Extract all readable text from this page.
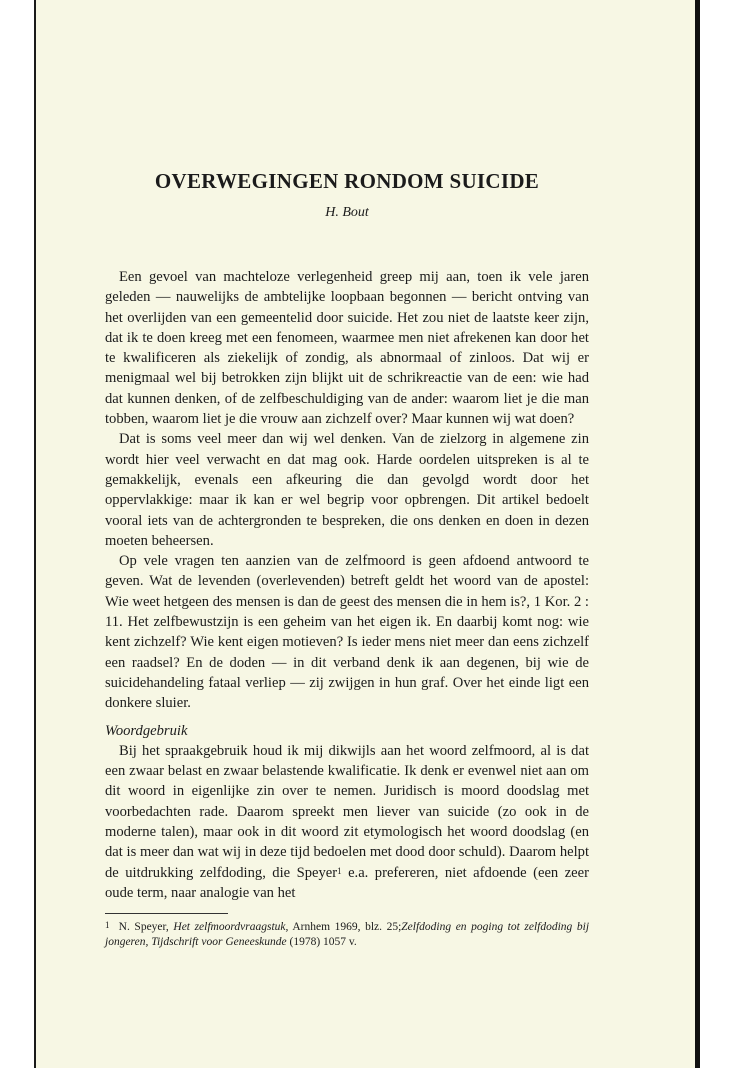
OVERWEGINGEN RONDOM SUICIDE

H. Bout

Een gevoel van machteloze verlegenheid greep mij aan, toen ik vele jaren geleden — nauwelijks de ambtelijke loopbaan begonnen — bericht ontving van het overlijden van een gemeentelid door suicide. Het zou niet de laatste keer zijn, dat ik te doen kreeg met een fenomeen, waarmee men niet afrekenen kan door het te kwalificeren als ziekelijk of zondig, als abnormaal of zinloos. Dat wij er menigmaal wel bij betrokken zijn blijkt uit de schrikreactie van de een: wie had dat kunnen denken, of de zelfbeschuldiging van de ander: waarom liet je die man tobben, waarom liet je die vrouw aan zichzelf over? Maar kunnen wij wat doen?

Dat is soms veel meer dan wij wel denken. Van de zielzorg in algemene zin wordt hier veel verwacht en dat mag ook. Harde oordelen uitspreken is al te gemakkelijk, evenals een afkeuring die dan gevolgd wordt door het oppervlakkige: maar ik kan er wel begrip voor opbrengen. Dit artikel bedoelt vooral iets van de achtergronden te bespreken, die ons denken en doen in dezen moeten beheersen.

Op vele vragen ten aanzien van de zelfmoord is geen afdoend antwoord te geven. Wat de levenden (overlevenden) betreft geldt het woord van de apostel: Wie weet hetgeen des mensen is dan de geest des mensen die in hem is?, 1 Kor. 2 : 11. Het zelfbewustzijn is een geheim van het eigen ik. En daarbij komt nog: wie kent zichzelf? Wie kent eigen motieven? Is ieder mens niet meer dan eens zichzelf een raadsel? En de doden — in dit verband denk ik aan degenen, bij wie de suicidehandeling fataal verliep — zij zwijgen in hun graf. Over het einde ligt een donkere sluier.

Woordgebruik

Bij het spraakgebruik houd ik mij dikwijls aan het woord zelfmoord, al is dat een zwaar belast en zwaar belastende kwalificatie. Ik denk er evenwel niet aan om dit woord in eigenlijke zin over te nemen. Juridisch is moord doodslag met voorbedachten rade. Daarom spreekt men liever van suicide (zo ook in de moderne talen), maar ook in dit woord zit etymologisch het woord doodslag (en dat is meer dan wat wij in deze tijd bedoelen met dood door schuld). Daarom helpt de uitdrukking zelfdoding, die Speyer$^1$ e.a. prefereren, niet afdoende (een zeer oude term, naar analogie van het

$^1$ N. Speyer, Het zelfmoordvraagstuk, Arnhem 1969, blz. 25;Zelfdoding en poging tot zelfdoding bij jongeren, Tijdschrift voor Geneeskunde (1978) 1057 v.
